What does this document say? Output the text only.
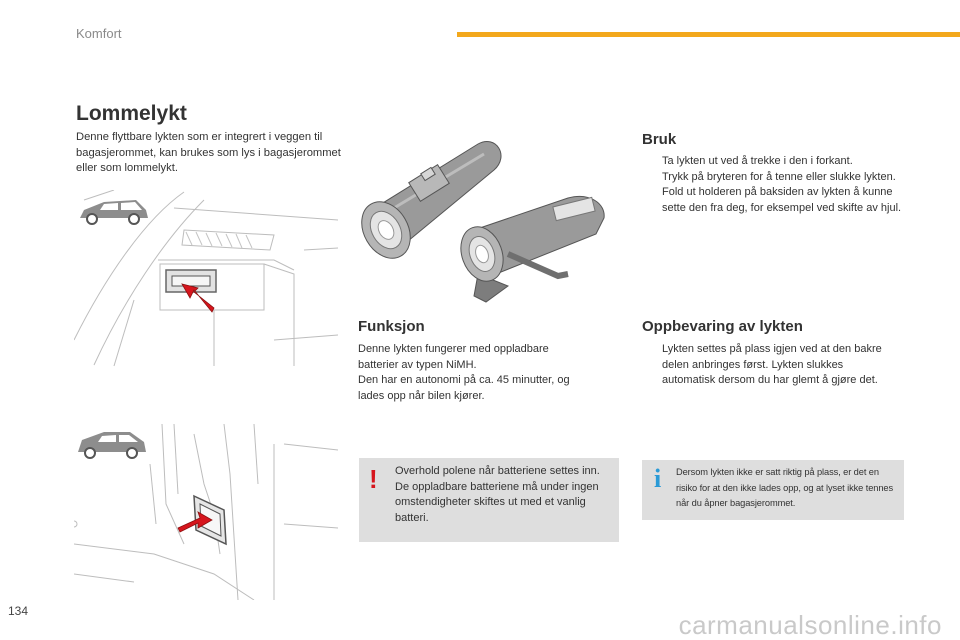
Komfort
Lommelykt
Denne flyttbare lykten som er integrert i veggen til bagasjerommet, kan brukes som lys i bagasjerommet eller som lommelykt.
Funksjon
Denne lykten fungerer med oppladbare
batterier av typen NiMH.
Den har en autonomi på ca. 45 minutter, og
lades opp når bilen kjører.
Bruk
Ta lykten ut ved å trekke i den i forkant.
Trykk på bryteren for å tenne eller slukke lykten.
Fold ut holderen på baksiden av lykten å kunne sette den fra deg, for eksempel ved skifte av hjul.
Oppbevaring av lykten
Lykten settes på plass igjen ved at den bakre delen anbringes først. Lykten slukkes automatisk dersom du har glemt å gjøre det.
! Overhold polene når batteriene settes inn. De oppladbare batteriene må under ingen omstendigheter skiftes ut med et vanlig batteri.
i Dersom lykten ikke er satt riktig på plass, er det en risiko for at den ikke lades opp, og at lyset ikke tennes når du åpner bagasjerommet.
134	carmanualsonline.info
